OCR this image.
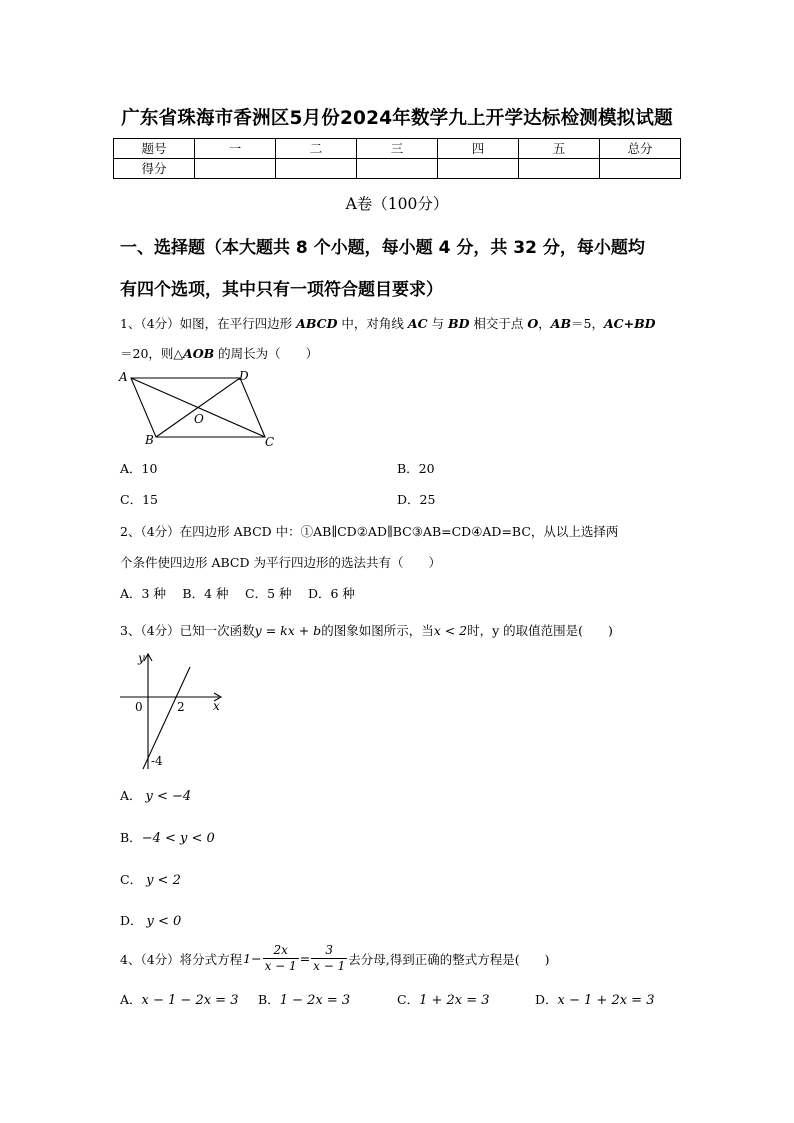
广东省珠海市香洲区5月份2024年数学九上开学达标检测模拟试题
题号	一	二	三	四	五	总分
得分						
A卷（100分）
一、选择题（本大题共 8 个小题，每小题 4 分，共 32 分，每小题均
有四个选项，其中只有一项符合题目要求）
1、（4分）如图，在平行四边形 ABCD 中，对角线 AC 与 BD 相交于点 O，AB＝5，AC+BD
＝20，则△AOB 的周长为（　　）
A	D
B	C
O
A．10	B．20
C．15	D．25
2、（4分）在四边形 ABCD 中：①AB∥CD②AD∥BC③AB=CD④AD=BC，从以上选择两
个条件使四边形 ABCD 为平行四边形的选法共有（　　）
A．3 种　 B．4 种　 C．5 种　 D．6 种
3、（4分）已知一次函数y = kx + b的图象如图所示，当x < 2时，y 的取值范围是(　　)
y
x
0	2
-4
A． y < −4
B．−4 < y < 0
C． y < 2
D． y < 0
4、（4分）将分式方程 $1- \frac{2x}{x - 1} = \frac{3}{x - 1}$ 去分母,得到正确的整式方程是(　　)
A．x − 1 − 2x = 3 B．1 − 2x = 3	C．1 + 2x = 3	D．x − 1 + 2x = 3
